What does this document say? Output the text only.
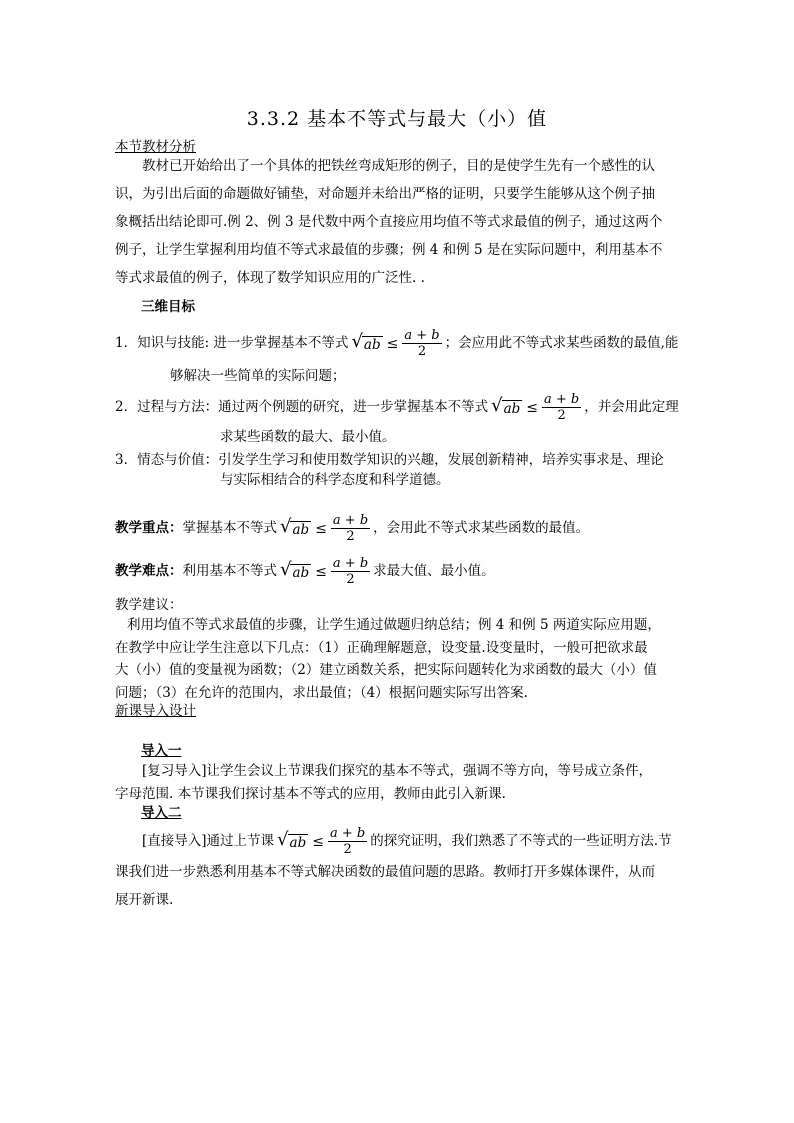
3.3.2 基本不等式与最大（小）值
本节教材分析
教材已开始给出了一个具体的把铁丝弯成矩形的例子，目的是使学生先有一个感性的认
识，为引出后面的命题做好铺垫，对命题并未给出严格的证明，只要学生能够从这个例子抽
象概括出结论即可.例 2、例 3 是代数中两个直接应用均值不等式求最值的例子，通过这两个
例子，让学生掌握利用均值不等式求最值的步骤；例 4 和例 5 是在实际问题中，利用基本不
等式求最值的例子，体现了数学知识应用的广泛性. .
三维目标
1．知识与技能: 进一步掌握基本不等式 √ ab ≤ $\frac{a + b}{2}$ ；会应用此不等式求某些函数的最值,能
够解决一些简单的实际问题；
2．过程与方法：通过两个例题的研究，进一步掌握基本不等式 √ ab ≤ $\frac{a + b}{2}$ ，并会用此定理
求某些函数的最大、最小值。
3．情态与价值：引发学生学习和使用数学知识的兴趣，发展创新精神，培养实事求是、理论
与实际相结合的科学态度和科学道德。
教学重点：掌握基本不等式 √ ab ≤ $\frac{a + b}{2}$ ，会用此不等式求某些函数的最值。
教学难点：利用基本不等式 √ ab ≤ $\frac{a + b}{2}$ 求最大值、最小值。
教学建议：
利用均值不等式求最值的步骤，让学生通过做题归纳总结；例 4 和例 5 两道实际应用题，
在教学中应让学生注意以下几点：（1）正确理解题意，设变量.设变量时，一般可把欲求最
大（小）值的变量视为函数；（2）建立函数关系，把实际问题转化为求函数的最大（小）值
问题；（3）在允许的范围内，求出最值；（4）根据问题实际写出答案.
新课导入设计
导入一
[复习导入]让学生会议上节课我们探究的基本不等式，强调不等方向，等号成立条件，
字母范围. 本节课我们探讨基本不等式的应用，教师由此引入新课.
导入二
[直接导入]通过上节课 √ ab ≤ $\frac{a + b}{2}$ 的探究证明，我们熟悉了不等式的一些证明方法.节
课我们进一步熟悉利用基本不等式解决函数的最值问题的思路。教师打开多媒体课件，从而
展开新课.
